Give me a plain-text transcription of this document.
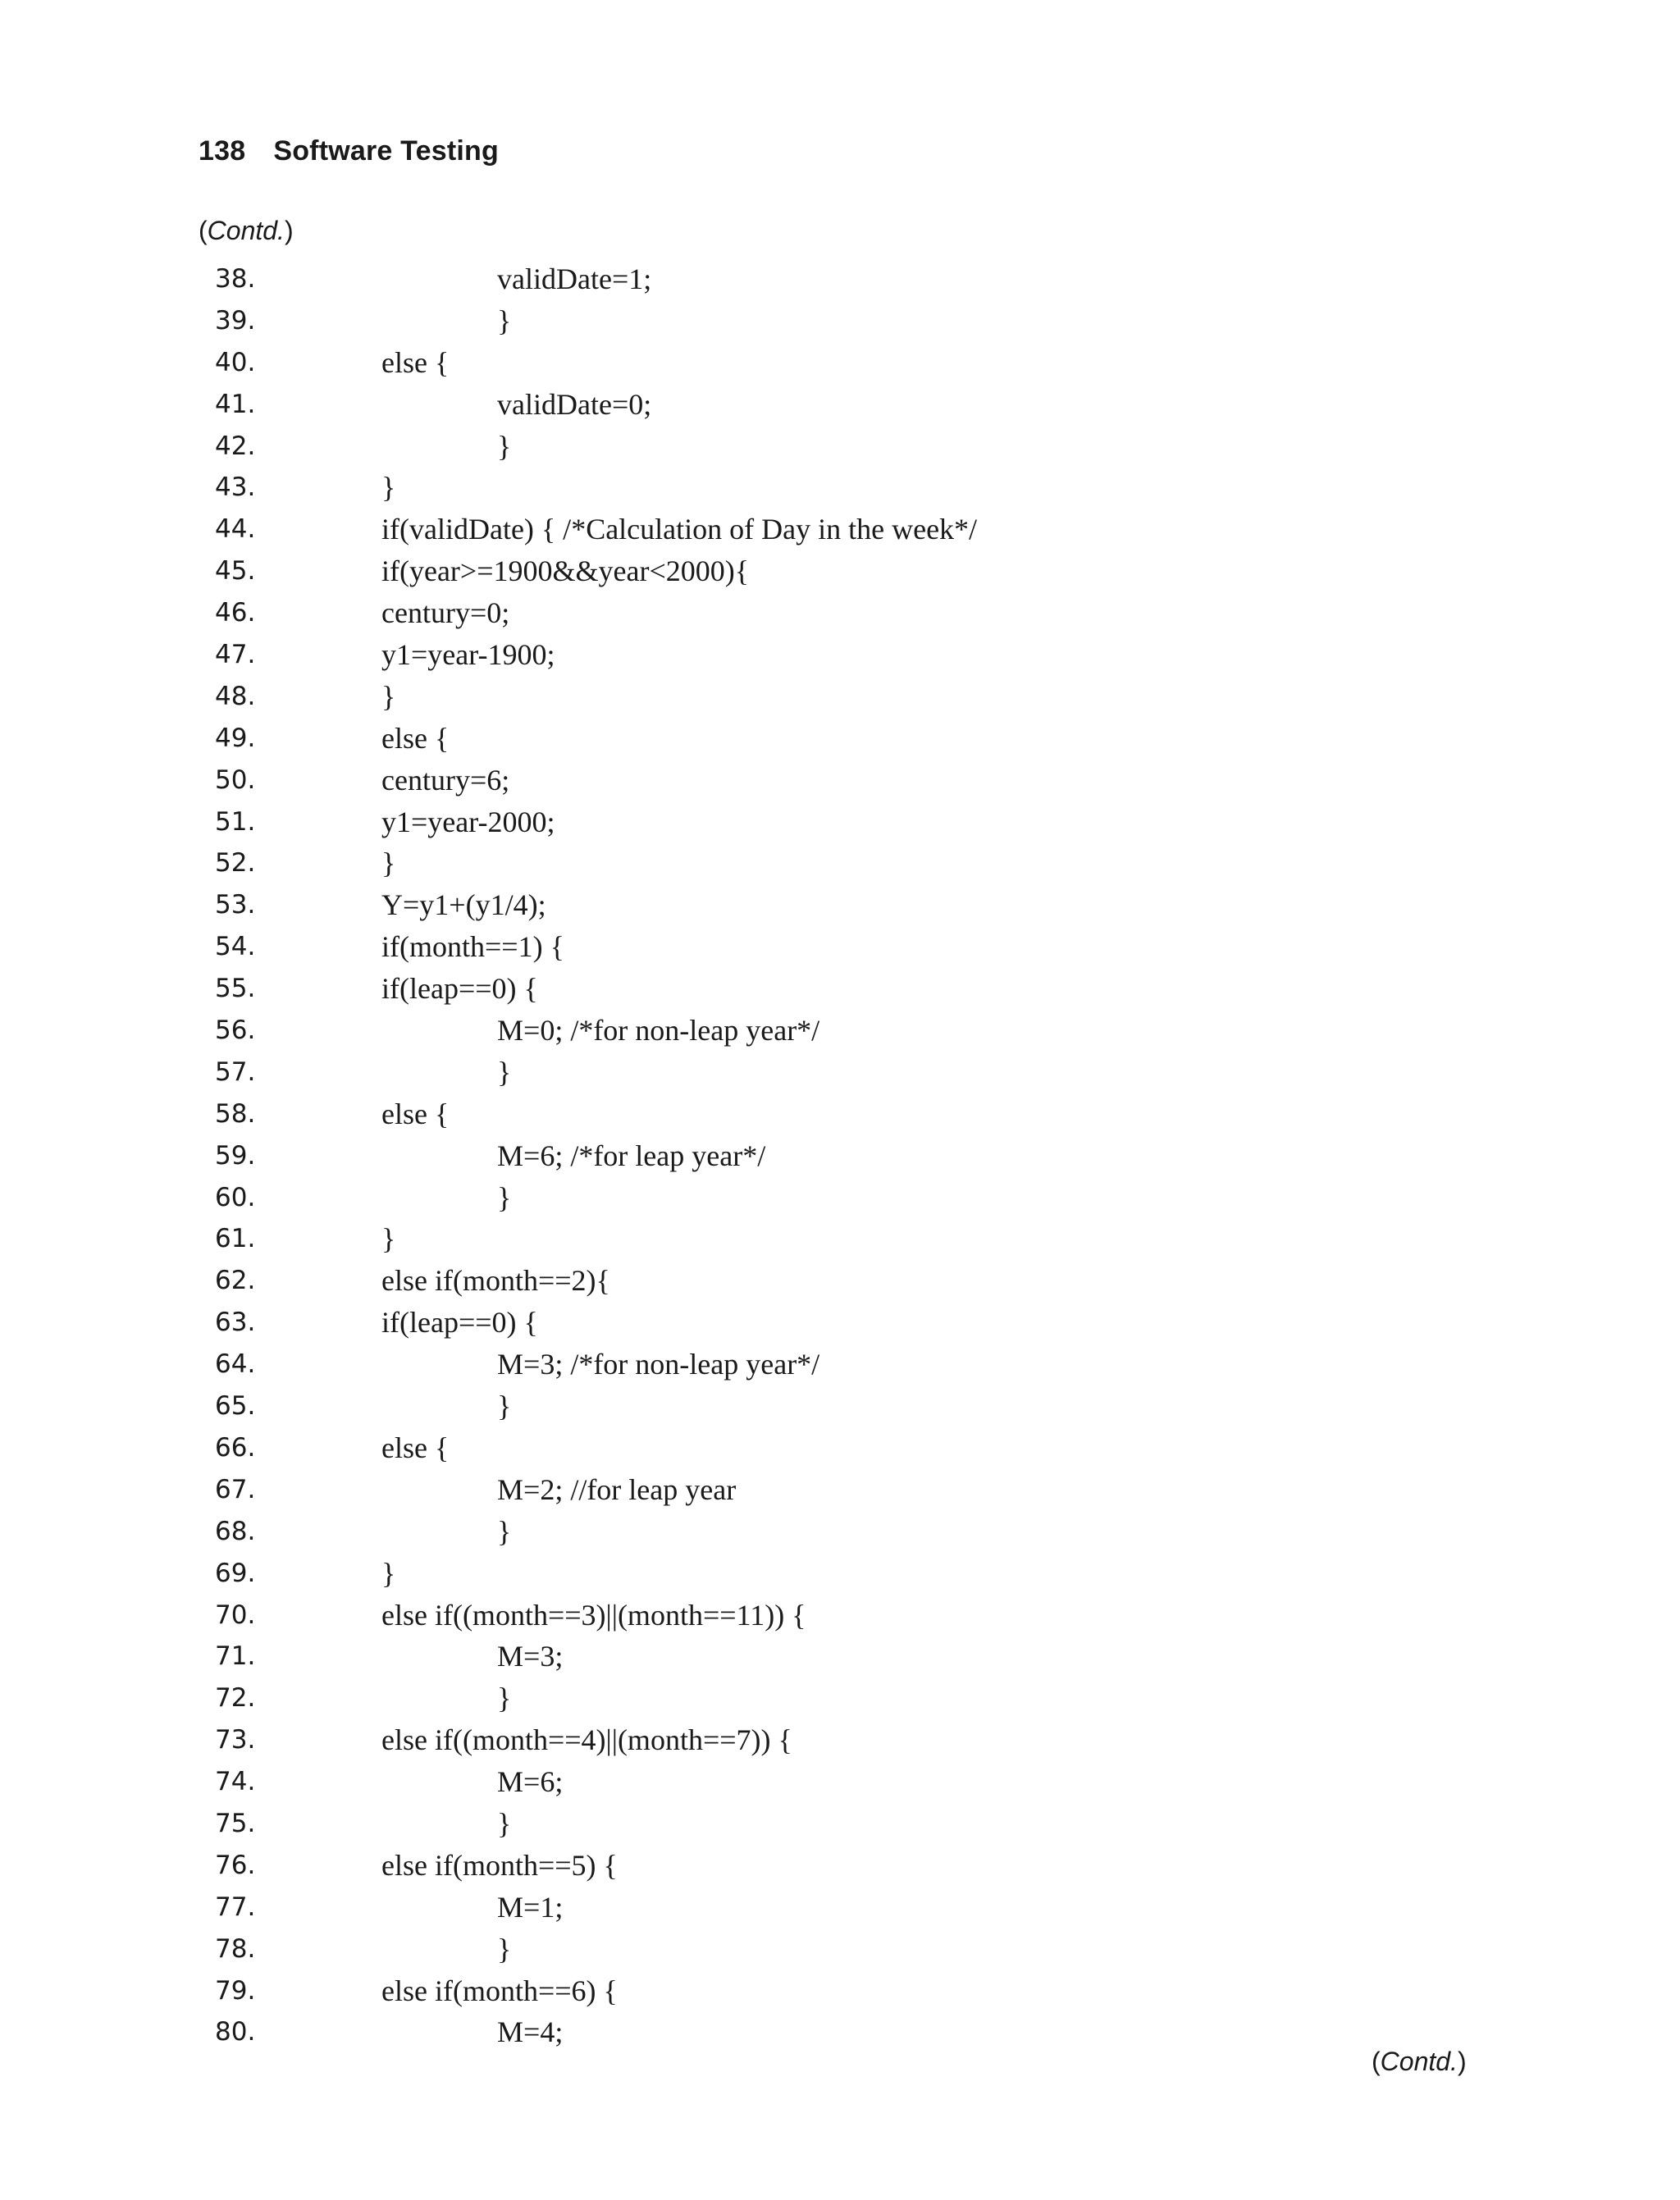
138 Software Testing
(Contd.)
38.	validDate=1;
39.	}
40.	else {
41.	validDate=0;
42.	}
43.	}
44.	if(validDate) { /*Calculation of Day in the week*/
45.	if(year>=1900&&year<2000){
46.	century=0;
47.	y1=year-1900;
48.	}
49.	else {
50.	century=6;
51.	y1=year-2000;
52.	}
53.	Y=y1+(y1/4);
54.	if(month==1) {
55.	if(leap==0) {
56.	M=0; /*for non-leap year*/
57.	}
58.	else {
59.	M=6; /*for leap year*/
60.	}
61.	}
62.	else if(month==2){
63.	if(leap==0) {
64.	M=3; /*for non-leap year*/
65.	}
66.	else {
67.	M=2; //for leap year
68.	}
69.	}
70.	else if((month==3)||(month==11)) {
71.	M=3;
72.	}
73.	else if((month==4)||(month==7)) {
74.	M=6;
75.	}
76.	else if(month==5) {
77.	M=1;
78.	}
79.	else if(month==6) {
80.	M=4;
(Contd.)
